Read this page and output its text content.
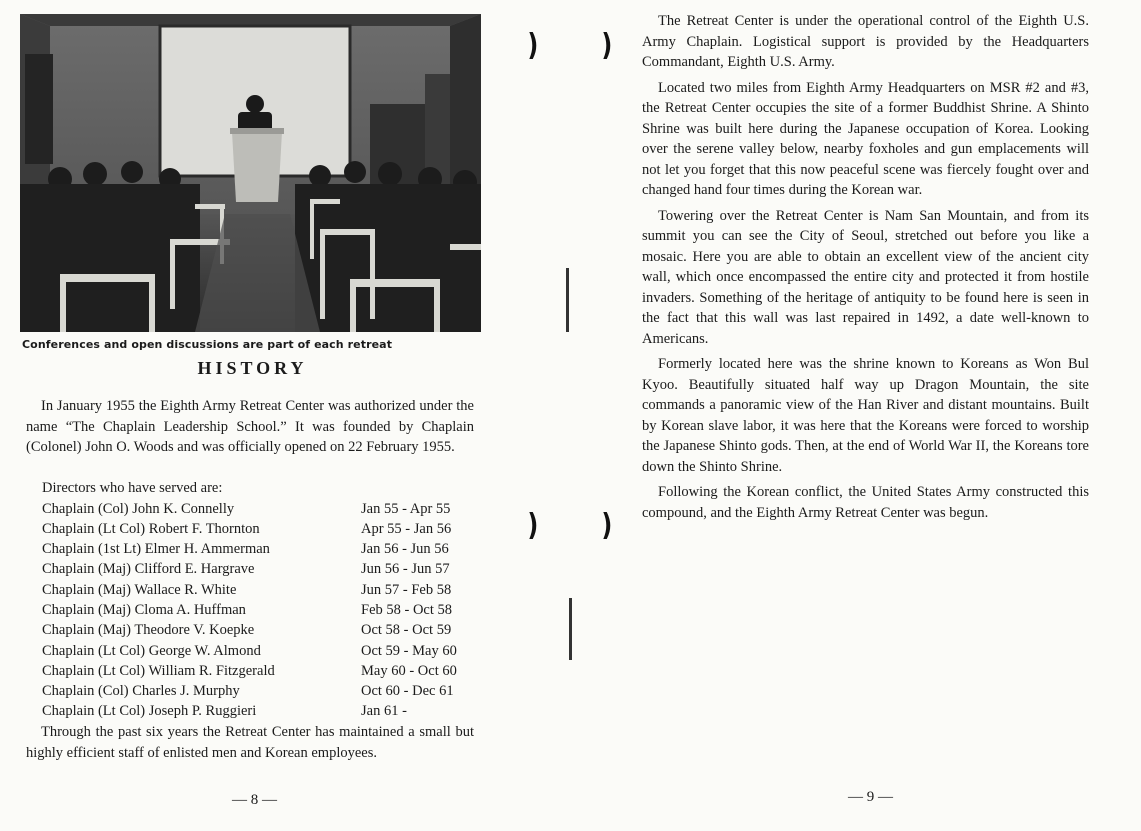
Conferences and open discussions are part of each retreat
HISTORY

In January 1955 the Eighth Army Retreat Center was authorized under the name “The Chaplain Leadership School.” It was founded by Chaplain (Colonel) John O. Woods and was officially opened on 22 February 1955.

Directors who have served are:
Chaplain (Col) John K. Connelly	Jan 55 - Apr 55
Chaplain (Lt Col) Robert F. Thornton	Apr 55 - Jan 56
Chaplain (1st Lt) Elmer H. Ammerman	Jan 56 - Jun 56
Chaplain (Maj) Clifford E. Hargrave	Jun 56 - Jun 57
Chaplain (Maj) Wallace R. White	Jun 57 - Feb 58
Chaplain (Maj) Cloma A. Huffman	Feb 58 - Oct 58
Chaplain (Maj) Theodore V. Koepke	Oct 58 - Oct 59
Chaplain (Lt Col) George W. Almond	Oct 59 - May 60
Chaplain (Lt Col) William R. Fitzgerald	May 60 - Oct 60
Chaplain (Col) Charles J. Murphy	Oct 60 - Dec 61
Chaplain (Lt Col) Joseph P. Ruggieri	Jan 61 -

Through the past six years the Retreat Center has maintained a small but highly efficient staff of enlisted men and Korean employees.

— 8 —
) )
) )

The Retreat Center is under the operational control of the Eighth U.S. Army Chaplain. Logistical support is provided by the Headquarters Commandant, Eighth U.S. Army.

Located two miles from Eighth Army Headquarters on MSR #2 and #3, the Retreat Center occupies the site of a former Buddhist Shrine. A Shinto Shrine was built here during the Japanese occupation of Korea. Looking over the serene valley below, nearby foxholes and gun emplacements will not let you forget that this now peaceful scene was fiercely fought over and changed hand four times during the Korean war.

Towering over the Retreat Center is Nam San Mountain, and from its summit you can see the City of Seoul, stretched out before you like a mosaic. Here you are able to obtain an excellent view of the ancient city wall, which once encompassed the entire city and protected it from hostile invaders. Something of the heritage of antiquity to be found here is seen in the fact that this wall was last repaired in 1492, a date well-known to Americans.

Formerly located here was the shrine known to Koreans as Won Bul Kyoo. Beautifully situated half way up Dragon Mountain, the site commands a panoramic view of the Han River and distant mountains. Built by Korean slave labor, it was here that the Koreans were forced to worship the Japanese Shinto gods. Then, at the end of World War II, the Koreans tore down the Shinto Shrine.

Following the Korean conflict, the United States Army constructed this compound, and the Eighth Army Retreat Center was begun.

— 9 —
